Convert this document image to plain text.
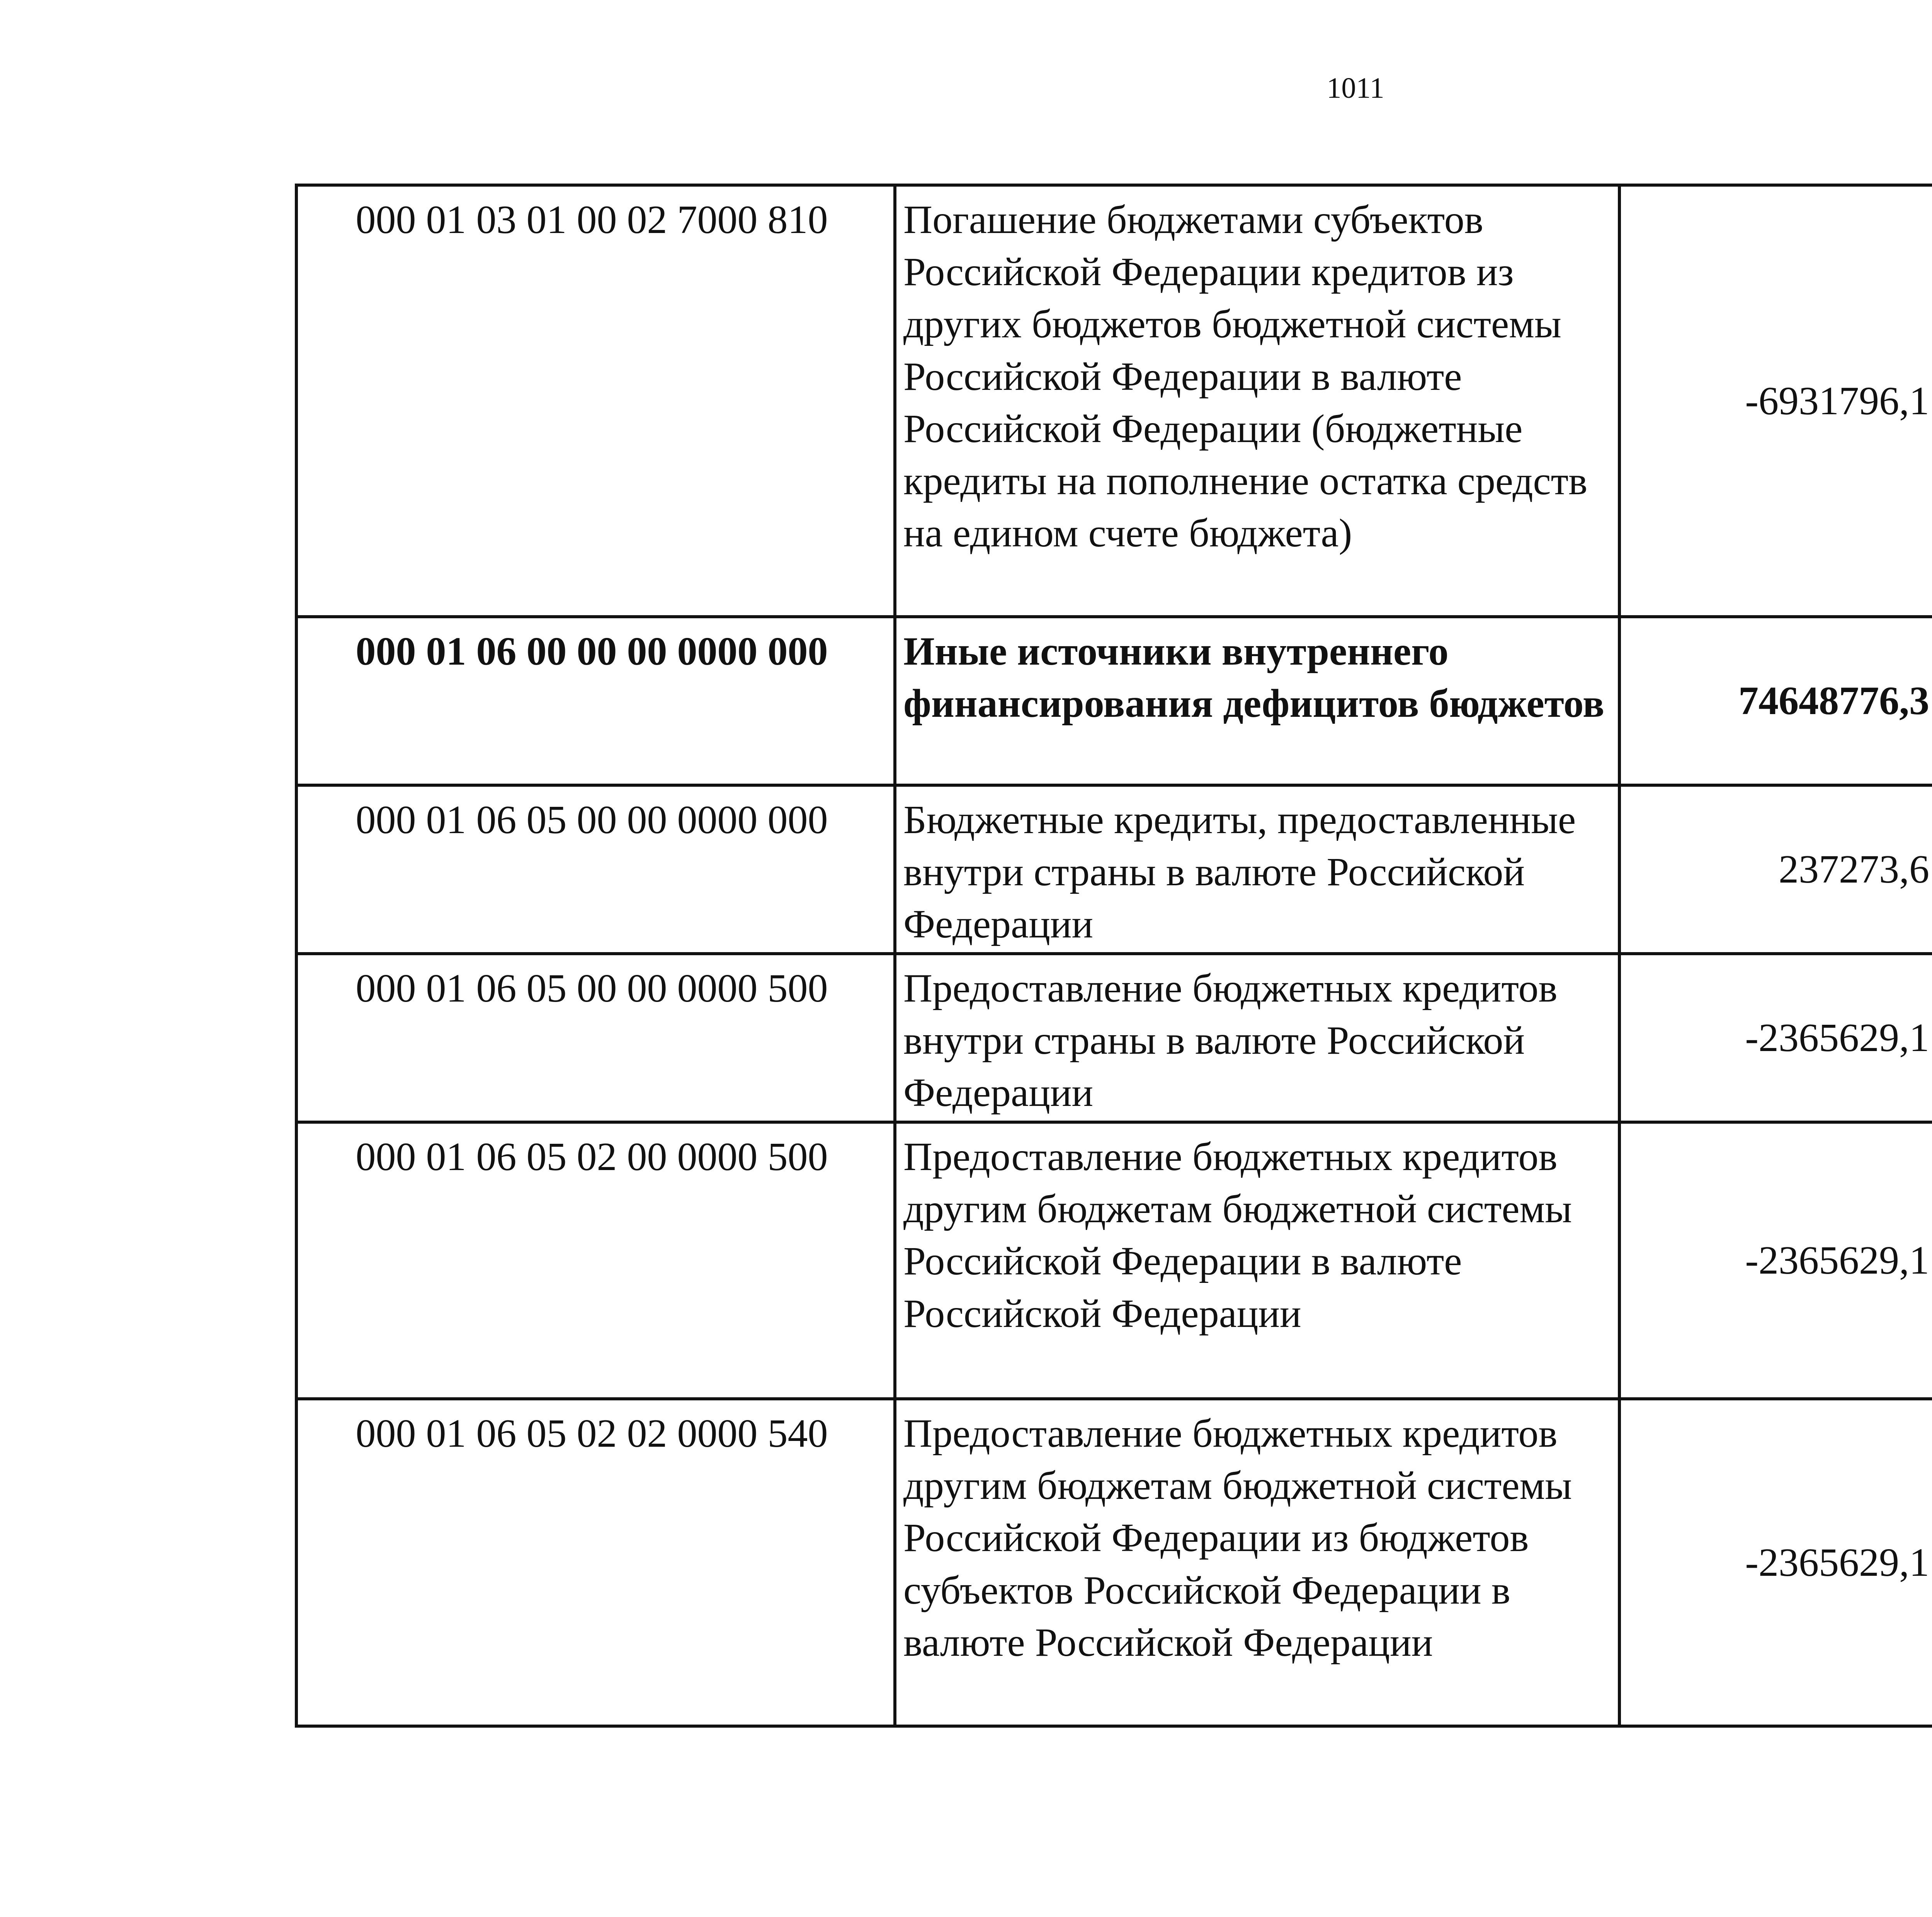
1011
000 01 03 01 00 02 7000 810	Погашение бюджетами субъектов Российской Федерации кредитов из других бюджетов бюджетной системы Российской Федерации в валюте Российской Федерации (бюджетные кредиты на пополнение остатка средств на едином счете бюджета)	-6931796,1		
000 01 06 00 00 00 0000 000	Иные источники внутреннего финансирования дефицитов бюджетов	74648776,3		
000 01 06 05 00 00 0000 000	Бюджетные кредиты, предоставленные внутри страны в валюте Российской Федерации	237273,6		
000 01 06 05 00 00 0000 500	Предоставление бюджетных кредитов внутри страны в валюте Российской Федерации	-2365629,1		
000 01 06 05 02 00 0000 500	Предоставление бюджетных кредитов другим бюджетам бюджетной системы Российской Федерации в валюте Российской Федерации	-2365629,1		
000 01 06 05 02 02 0000 540	Предоставление бюджетных кредитов другим бюджетам бюджетной системы Российской Федерации из бюджетов субъектов Российской Федерации в валюте Российской Федерации	-2365629,1		
